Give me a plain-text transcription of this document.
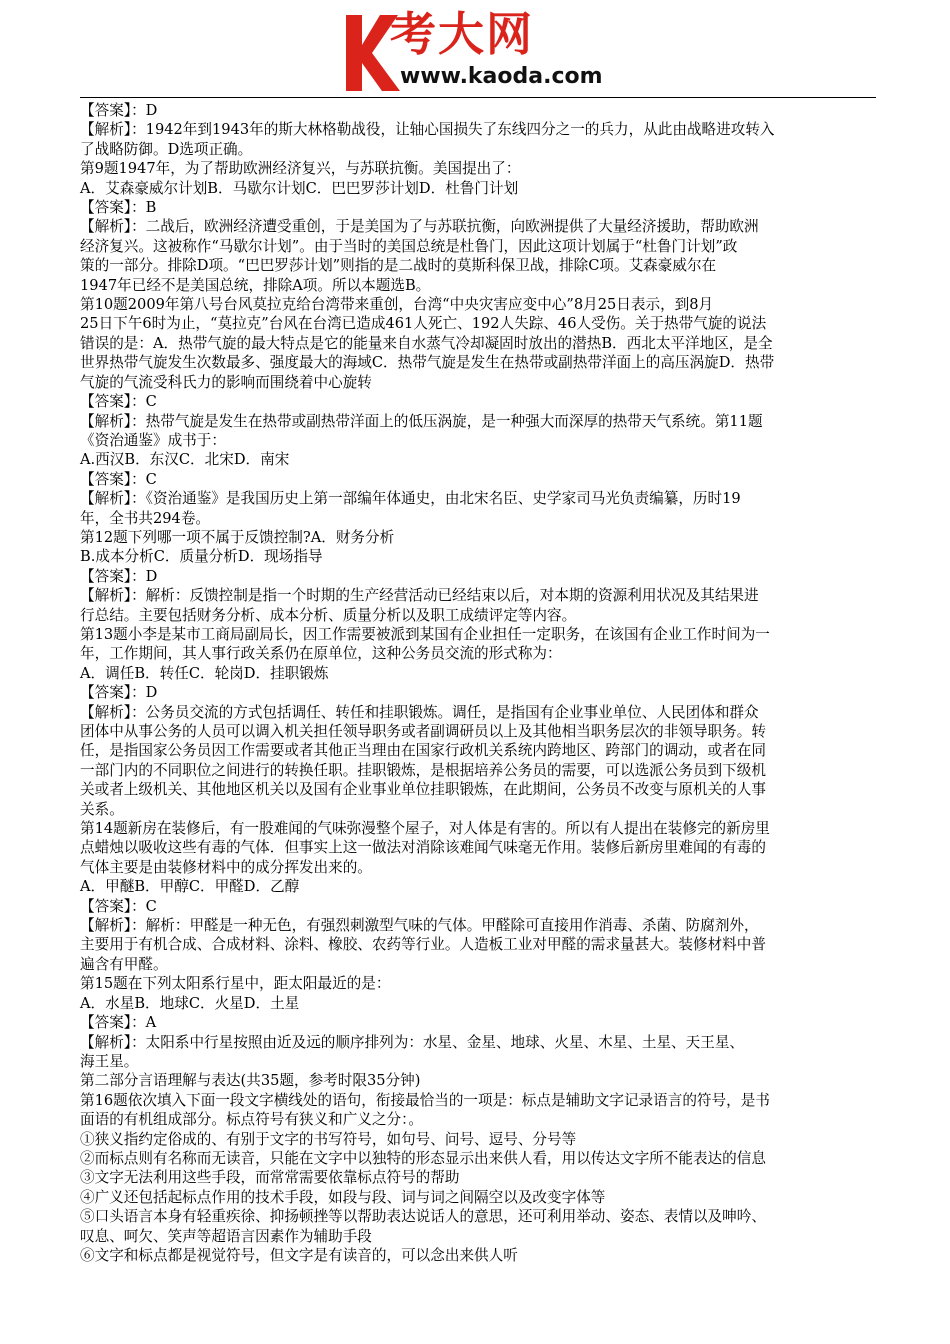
考大网
www.kaoda.com

【答案】：D

【解析】：1942年到1943年的斯大林格勒战役，让轴心国损失了东线四分之一的兵力，从此由战略进攻转入

了战略防御。D选项正确。

第9题1947年，为了帮助欧洲经济复兴，与苏联抗衡。美国提出了：

A．艾森豪威尔计划B．马歇尔计划C．巴巴罗莎计划D．杜鲁门计划

【答案】：B

【解析】：二战后，欧洲经济遭受重创，于是美国为了与苏联抗衡，向欧洲提供了大量经济援助，帮助欧洲

经济复兴。这被称作“马歇尔计划”。由于当时的美国总统是杜鲁门，因此这项计划属于“杜鲁门计划”政

策的一部分。排除D项。“巴巴罗莎计划”则指的是二战时的莫斯科保卫战，排除C项。艾森豪威尔在

1947年已经不是美国总统，排除A项。所以本题选B。

第10题2009年第八号台风莫拉克给台湾带来重创，台湾“中央灾害应变中心”8月25日表示，到8月

25日下午6时为止，“莫拉克”台风在台湾已造成461人死亡、192人失踪、46人受伤。关于热带气旋的说法

错误的是：A．热带气旋的最大特点是它的能量来自水蒸气冷却凝固时放出的潜热B．西北太平洋地区，是全

世界热带气旋发生次数最多、强度最大的海域C．热带气旋是发生在热带或副热带洋面上的高压涡旋D．热带

气旋的气流受科氏力的影响而围绕着中心旋转

【答案】：C

【解析】：热带气旋是发生在热带或副热带洋面上的低压涡旋，是一种强大而深厚的热带天气系统。第11题

《资治通鉴》成书于：

A.西汉B．东汉C．北宋D．南宋

【答案】：C

【解析】：《资治通鉴》是我国历史上第一部编年体通史，由北宋名臣、史学家司马光负责编纂，历时19

年，全书共294卷。

第12题下列哪一项不属于反馈控制?A．财务分析

B.成本分析C．质量分析D．现场指导

【答案】：D

【解析】：解析：反馈控制是指一个时期的生产经营活动已经结束以后，对本期的资源利用状况及其结果进

行总结。主要包括财务分析、成本分析、质量分析以及职工成绩评定等内容。

第13题小李是某市工商局副局长，因工作需要被派到某国有企业担任一定职务，在该国有企业工作时间为一

年，工作期间，其人事行政关系仍在原单位，这种公务员交流的形式称为：

A．调任B．转任C．轮岗D．挂职锻炼

【答案】：D

【解析】：公务员交流的方式包括调任、转任和挂职锻炼。调任，是指国有企业事业单位、人民团体和群众

团体中从事公务的人员可以调入机关担任领导职务或者副调研员以上及其他相当职务层次的非领导职务。转

任，是指国家公务员因工作需要或者其他正当理由在国家行政机关系统内跨地区、跨部门的调动，或者在同

一部门内的不同职位之间进行的转换任职。挂职锻炼，是根据培养公务员的需要，可以选派公务员到下级机

关或者上级机关、其他地区机关以及国有企业事业单位挂职锻炼，在此期间，公务员不改变与原机关的人事

关系。

第14题新房在装修后，有一股难闻的气味弥漫整个屋子，对人体是有害的。所以有人提出在装修完的新房里

点蜡烛以吸收这些有毒的气体．但事实上这一做法对消除该难闻气味毫无作用。装修后新房里难闻的有毒的

气体主要是由装修材料中的成分挥发出来的。

A．甲醚B．甲醇C．甲醛D．乙醇

【答案】：C

【解析】：解析：甲醛是一种无色，有强烈刺激型气味的气体。甲醛除可直接用作消毒、杀菌、防腐剂外，

主要用于有机合成、合成材料、涂料、橡胶、农药等行业。人造板工业对甲醛的需求量甚大。装修材料中普

遍含有甲醛。

第15题在下列太阳系行星中，距太阳最近的是：

A．水星B．地球C．火星D．土星

【答案】：A

【解析】：太阳系中行星按照由近及远的顺序排列为：水星、金星、地球、火星、木星、土星、天王星、

海王星。

第二部分言语理解与表达(共35题，参考时限35分钟)

第16题依次填入下面一段文字横线处的语句，衔接最恰当的一项是：标点是辅助文字记录语言的符号，是书

面语的有机组成部分。标点符号有狭义和广义之分：。

①狭义指约定俗成的、有别于文字的书写符号，如句号、问号、逗号、分号等

②而标点则有名称而无读音，只能在文字中以独特的形态显示出来供人看，用以传达文字所不能表达的信息

③文字无法利用这些手段，而常常需要依靠标点符号的帮助

④广义还包括起标点作用的技术手段，如段与段、词与词之间隔空以及改变字体等

⑤口头语言本身有轻重疾徐、抑扬顿挫等以帮助表达说话人的意思，还可利用举动、姿态、表情以及呻吟、

叹息、呵欠、笑声等超语言因素作为辅助手段

⑥文字和标点都是视觉符号，但文字是有读音的，可以念出来供人听
